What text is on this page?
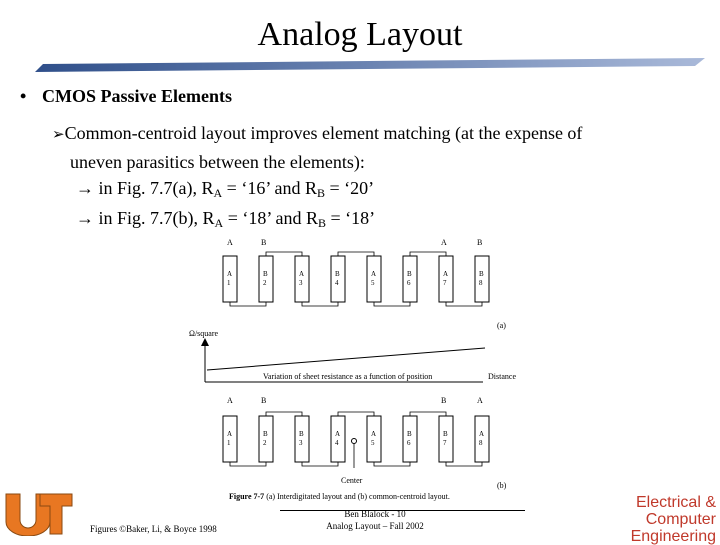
Analog Layout
• CMOS Passive Elements
➢Common-centroid layout improves element matching (at the expense of
uneven parasitics between the elements):
→ in Fig. 7.7(a), RA = ‘16’ and RB = ‘20’
→ in Fig. 7.7(b), RA = ‘18’ and RB = ‘18’
A	B	A	B
A
1
B
2
A
3
B
4
A
5
B
6
A
7
B
8
(a)
Ω/square
Variation of sheet resistance as a function of position	Distance
A	B	B	A
A
1
B
2
B
3
A
4
A
5
B
6
B
7
A
8
Center
(b)
Figure 7-7 (a) Interdigitated layout and (b) common-centroid layout.
Figures ©Baker, Li, & Boyce 1998
Ben Blalock - 10
Analog Layout – Fall 2002
Electrical &
Computer
Engineering
